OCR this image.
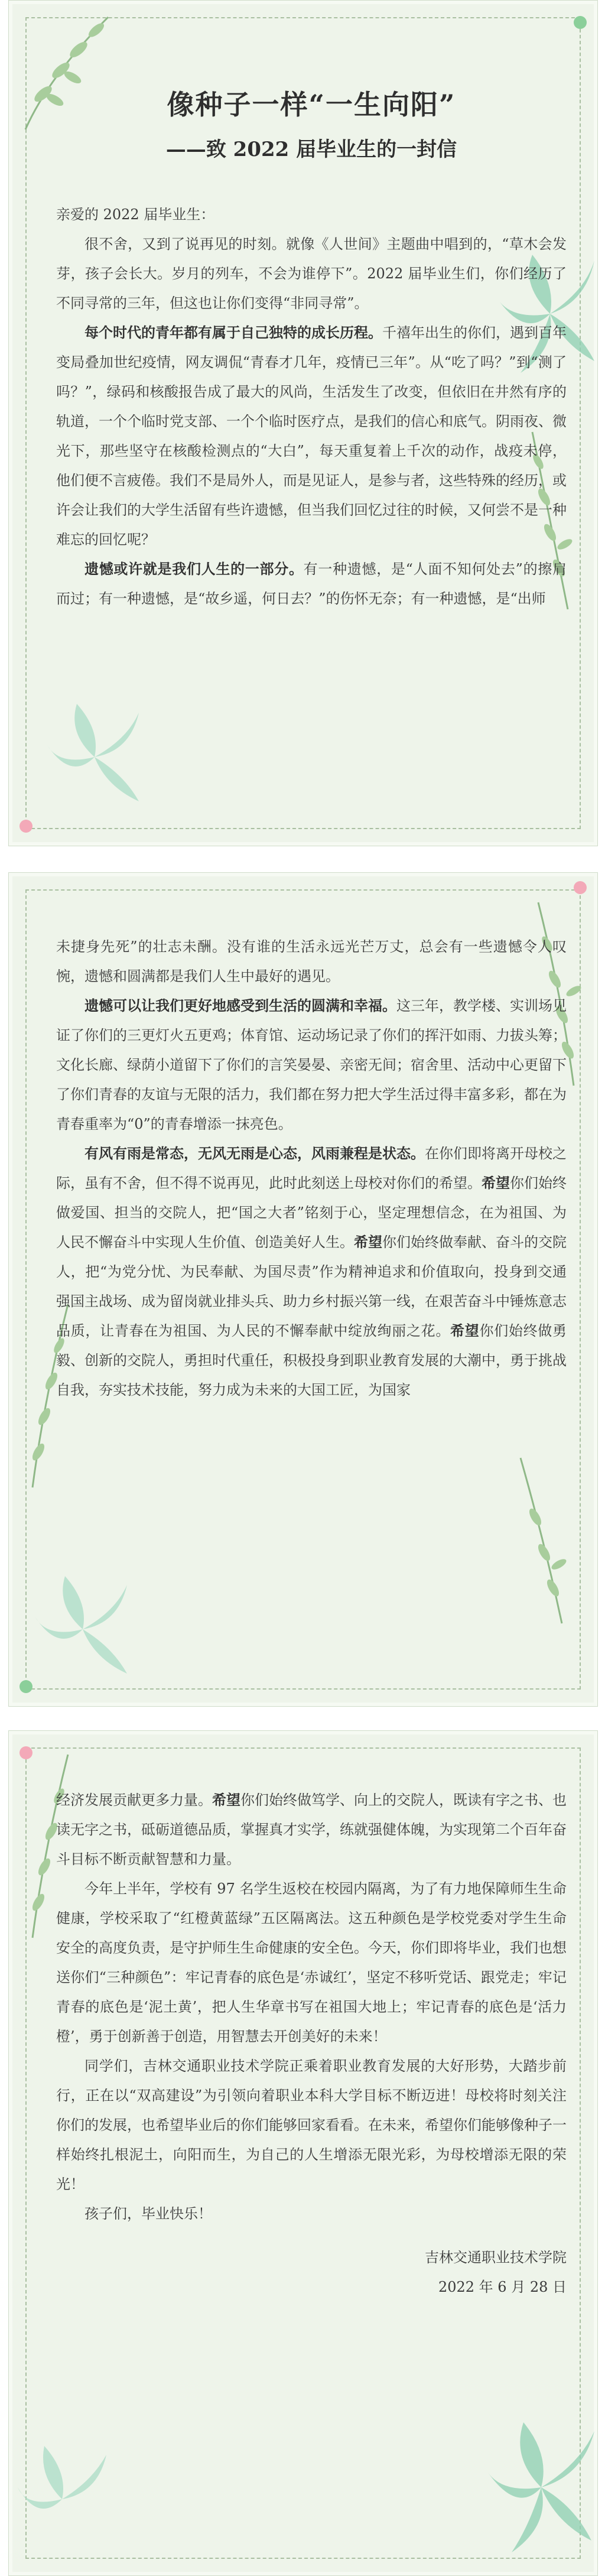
像种子一样“一生向阳”
——致 2022 届毕业生的一封信

亲爱的 2022 届毕业生：

很不舍，又到了说再见的时刻。就像《人世间》主题曲中唱到的，“草木会发芽，孩子会长大。岁月的列车，不会为谁停下”。2022 届毕业生们，你们经历了不同寻常的三年，但这也让你们变得“非同寻常”。

每个时代的青年都有属于自己独特的成长历程。千禧年出生的你们，遇到百年变局叠加世纪疫情，网友调侃“青春才几年，疫情已三年”。从“吃了吗？”到“测了吗？”，绿码和核酸报告成了最大的风尚，生活发生了改变，但依旧在井然有序的轨道，一个个临时党支部、一个个临时医疗点，是我们的信心和底气。阴雨夜、微光下，那些坚守在核酸检测点的“大白”，每天重复着上千次的动作，战疫未停，他们便不言疲倦。我们不是局外人，而是见证人，是参与者，这些特殊的经历，或许会让我们的大学生活留有些许遗憾，但当我们回忆过往的时候，又何尝不是一种难忘的回忆呢？

遗憾或许就是我们人生的一部分。有一种遗憾，是“人面不知何处去”的擦肩而过；有一种遗憾，是“故乡遥，何日去？”的伤怀无奈；有一种遗憾，是“出师

未捷身先死”的壮志未酬。没有谁的生活永远光芒万丈，总会有一些遗憾令人叹惋，遗憾和圆满都是我们人生中最好的遇见。

遗憾可以让我们更好地感受到生活的圆满和幸福。这三年，教学楼、实训场见证了你们的三更灯火五更鸡；体育馆、运动场记录了你们的挥汗如雨、力拔头筹；文化长廊、绿荫小道留下了你们的言笑晏晏、亲密无间；宿舍里、活动中心更留下了你们青春的友谊与无限的活力，我们都在努力把大学生活过得丰富多彩，都在为青春重率为“0”的青春增添一抹亮色。

有风有雨是常态，无风无雨是心态，风雨兼程是状态。在你们即将离开母校之际，虽有不舍，但不得不说再见，此时此刻送上母校对你们的希望。希望你们始终做爱国、担当的交院人，把“国之大者”铭刻于心，坚定理想信念，在为祖国、为人民不懈奋斗中实现人生价值、创造美好人生。希望你们始终做奉献、奋斗的交院人，把“为党分忧、为民奉献、为国尽责”作为精神追求和价值取向，投身到交通强国主战场、成为留岗就业排头兵、助力乡村振兴第一线，在艰苦奋斗中锤炼意志品质，让青春在为祖国、为人民的不懈奉献中绽放绚丽之花。希望你们始终做勇毅、创新的交院人，勇担时代重任，积极投身到职业教育发展的大潮中，勇于挑战自我，夯实技术技能，努力成为未来的大国工匠，为国家

经济发展贡献更多力量。希望你们始终做笃学、向上的交院人，既读有字之书、也读无字之书，砥砺道德品质，掌握真才实学，练就强健体魄，为实现第二个百年奋斗目标不断贡献智慧和力量。

今年上半年，学校有 97 名学生返校在校园内隔离，为了有力地保障师生生命健康，学校采取了“红橙黄蓝绿”五区隔离法。这五种颜色是学校党委对学生生命安全的高度负责，是守护师生生命健康的安全色。今天，你们即将毕业，我们也想送你们“三种颜色”：牢记青春的底色是‘赤诚红’，坚定不移听党话、跟党走；牢记青春的底色是‘泥土黄’，把人生华章书写在祖国大地上；牢记青春的底色是‘活力橙’，勇于创新善于创造，用智慧去开创美好的未来！

同学们，吉林交通职业技术学院正乘着职业教育发展的大好形势，大踏步前行，正在以“双高建设”为引领向着职业本科大学目标不断迈进！母校将时刻关注你们的发展，也希望毕业后的你们能够回家看看。在未来，希望你们能够像种子一样始终扎根泥土，向阳而生，为自己的人生增添无限光彩，为母校增添无限的荣光！

孩子们，毕业快乐！

吉林交通职业技术学院

2022 年 6 月 28 日
